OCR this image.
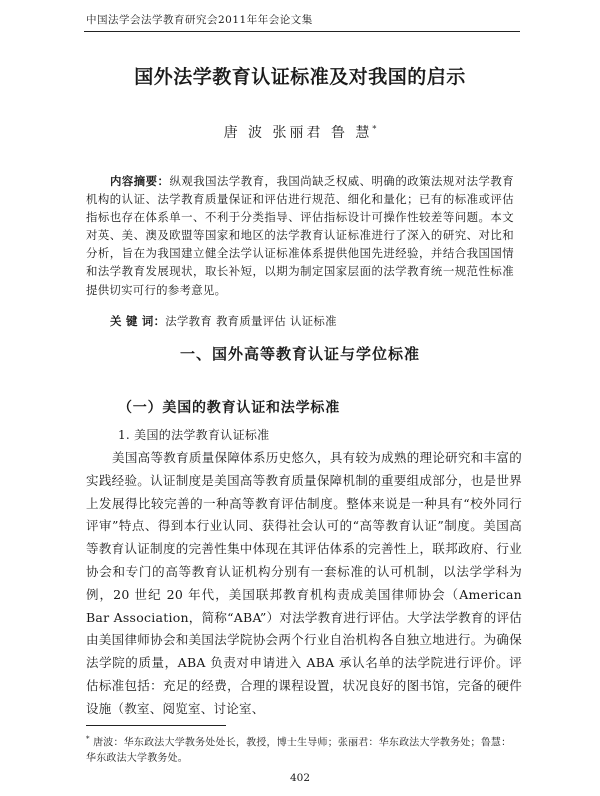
中国法学会法学教育研究会2011年年会论文集
国外法学教育认证标准及对我国的启示
唐 波 张丽君 鲁 慧*
内容摘要：纵观我国法学教育，我国尚缺乏权威、明确的政策法规对法学教育机构的认证、法学教育质量保证和评估进行规范、细化和量化；已有的标准或评估指标也存在体系单一、不利于分类指导、评估指标设计可操作性较差等问题。本文对英、美、澳及欧盟等国家和地区的法学教育认证标准进行了深入的研究、对比和分析，旨在为我国建立健全法学认证标准体系提供他国先进经验，并结合我国国情和法学教育发展现状，取长补短，以期为制定国家层面的法学教育统一规范性标准提供切实可行的参考意见。
关 键 词：法学教育 教育质量评估 认证标准
一、国外高等教育认证与学位标准
（一）美国的教育认证和法学标准
1. 美国的法学教育认证标准

美国高等教育质量保障体系历史悠久，具有较为成熟的理论研究和丰富的实践经验。认证制度是美国高等教育质量保障机制的重要组成部分，也是世界上发展得比较完善的一种高等教育评估制度。整体来说是一种具有“校外同行评审”特点、得到本行业认同、获得社会认可的“高等教育认证”制度。美国高等教育认证制度的完善性集中体现在其评估体系的完善性上，联邦政府、行业协会和专门的高等教育认证机构分别有一套标准的认可机制，以法学学科为例，20 世纪 20 年代，美国联邦教育机构责成美国律师协会（American Bar Association，简称“ABA”）对法学教育进行评估。大学法学教育的评估由美国律师协会和美国法学院协会两个行业自治机构各自独立地进行。为确保法学院的质量，ABA 负责对申请进入 ABA 承认名单的法学院进行评价。评估标准包括：充足的经费，合理的课程设置，状况良好的图书馆，完备的硬件设施（教室、阅览室、讨论室、

* 唐波：华东政法大学教务处处长，教授，博士生导师；张丽君：华东政法大学教务处；鲁慧：华东政法大学教务处。
402
